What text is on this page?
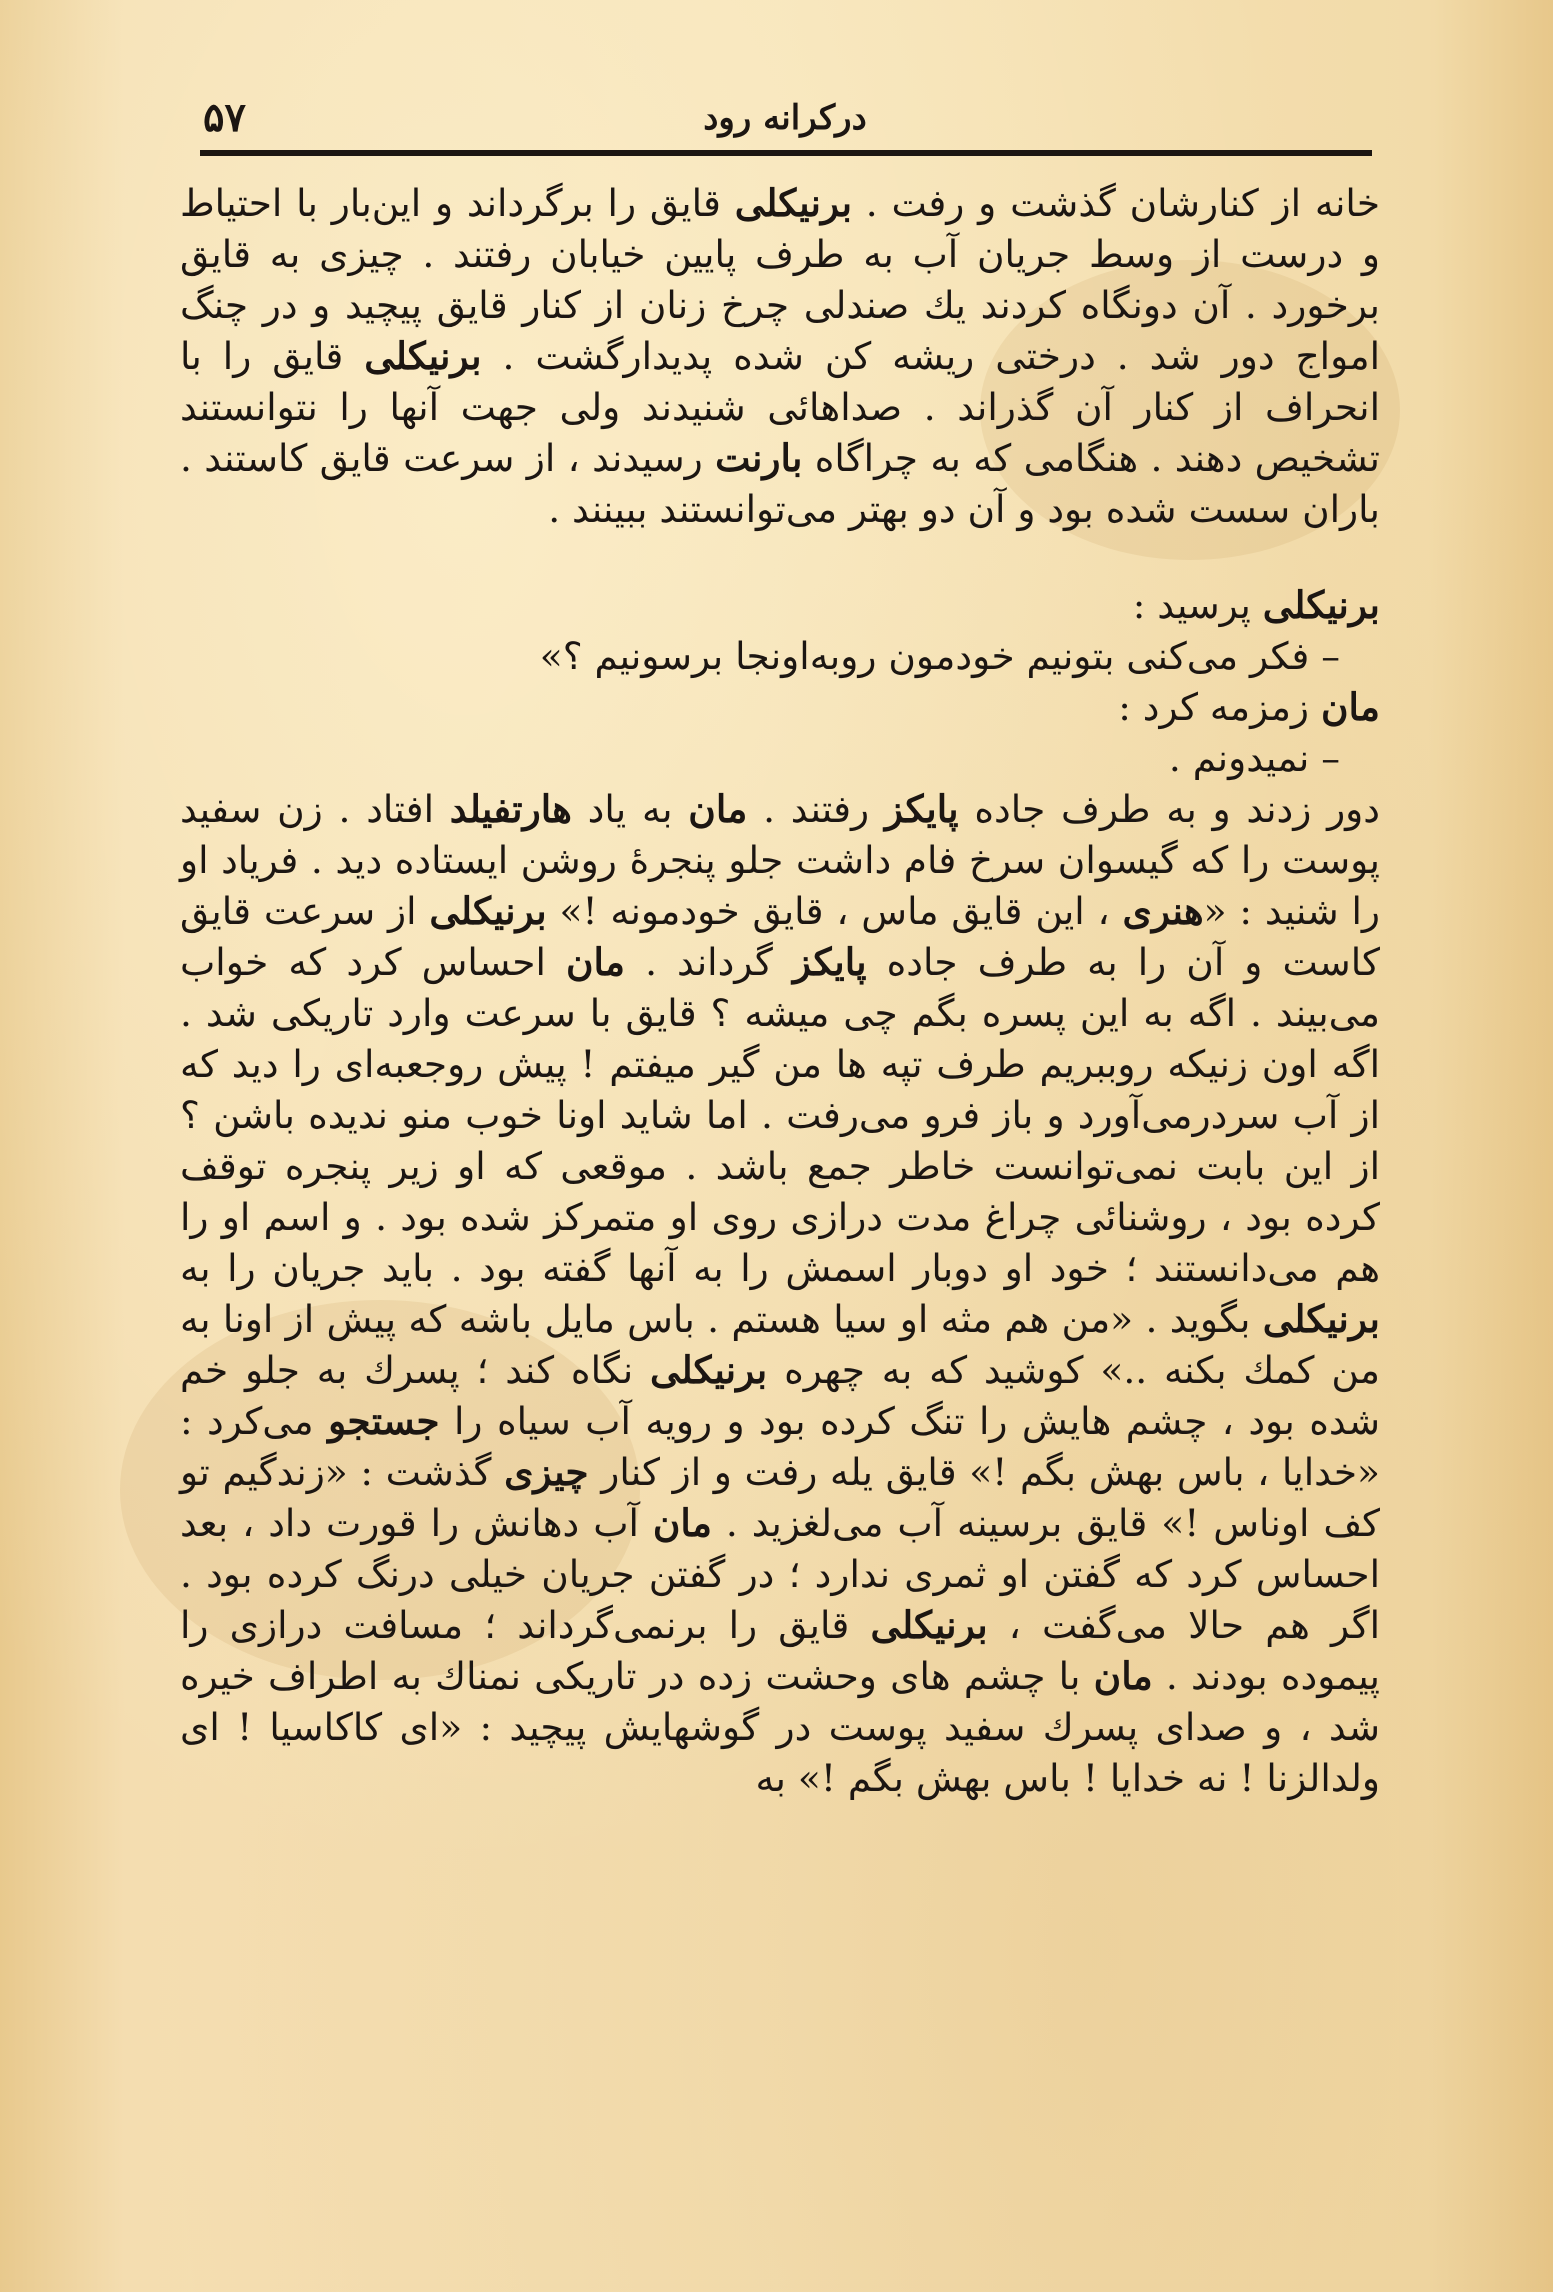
درکرانه رود
۵۷

خانه از کنارشان گذشت و رفت . برنیکلی قایق را برگرداند و این‌بار با احتیاط و درست از وسط جریان آب به طرف پایین خیابان رفتند . چیزی به قایق برخورد . آن دونگاه کردند یك صندلی چرخ زنان از کنار قایق پیچید و در چنگ امواج دور شد . درختی ریشه کن شده پدیدارگشت . برنیکلی قایق را با انحراف از کنار آن گذراند . صداهائی شنیدند ولی جهت آنها را نتوانستند تشخیص دهند . هنگامی که به چراگاه بارنت رسیدند ، از سرعت قایق کاستند . باران سست شده بود و آن دو بهتر می‌توانستند ببینند .

برنیکلی پرسید :

– فکر می‌کنی بتونیم خودمون روبه‌اونجا برسونیم ؟»

مان زمزمه کرد :

– نمیدونم .

دور زدند و به طرف جاده پایکز رفتند . مان به یاد هارتفیلد افتاد . زن سفید پوست را که گیسوان سرخ فام داشت جلو پنجرهٔ روشن ایستاده دید . فریاد او را شنید : «هنری ، این قایق ماس ، قایق خودمونه !» برنیکلی از سرعت قایق کاست و آن را به طرف جاده پایکز گرداند . مان احساس کرد که خواب می‌بیند . اگه به این پسره بگم چی میشه ؟ قایق با سرعت وارد تاریکی شد . اگه اون زنیکه روببریم طرف تپه ها من گیر میفتم ! پیش روجعبه‌ای را دید که از آب سردرمی‌آورد و باز فرو می‌رفت . اما شاید اونا خوب منو ندیده باشن ؟ از این بابت نمی‌توانست خاطر جمع باشد . موقعی که او زیر پنجره توقف کرده بود ، روشنائی چراغ مدت درازی روی او متمرکز شده بود . و اسم او را هم می‌دانستند ؛ خود او دوبار اسمش را به آنها گفته بود . باید جریان را به برنیکلی بگوید . «من هم مثه او سیا هستم . باس مایل باشه که پیش از اونا به من کمك بکنه ..» کوشید که به چهره برنیکلی نگاه کند ؛ پسرك به جلو خم شده بود ، چشم هایش را تنگ کرده بود و رویه آب سیاه را جستجو می‌کرد : «خدایا ، باس بهش بگم !» قایق یله رفت و از کنار چیزی گذشت : «زندگیم تو کف اوناس !» قایق برسینه آب می‌لغزید . مان آب دهانش را قورت داد ، بعد احساس کرد که گفتن او ثمری ندارد ؛ در گفتن جریان خیلی درنگ کرده بود . اگر هم حالا می‌گفت ، برنیکلی قایق را برنمی‌گرداند ؛ مسافت درازی را پیموده بودند . مان با چشم های وحشت زده در تاریکی نمناك به اطراف خیره شد ، و صدای پسرك سفید پوست در گوشهایش پیچید : «ای کاکاسیا ! ای ولدالزنا ! نه خدایا ! باس بهش بگم !» به
